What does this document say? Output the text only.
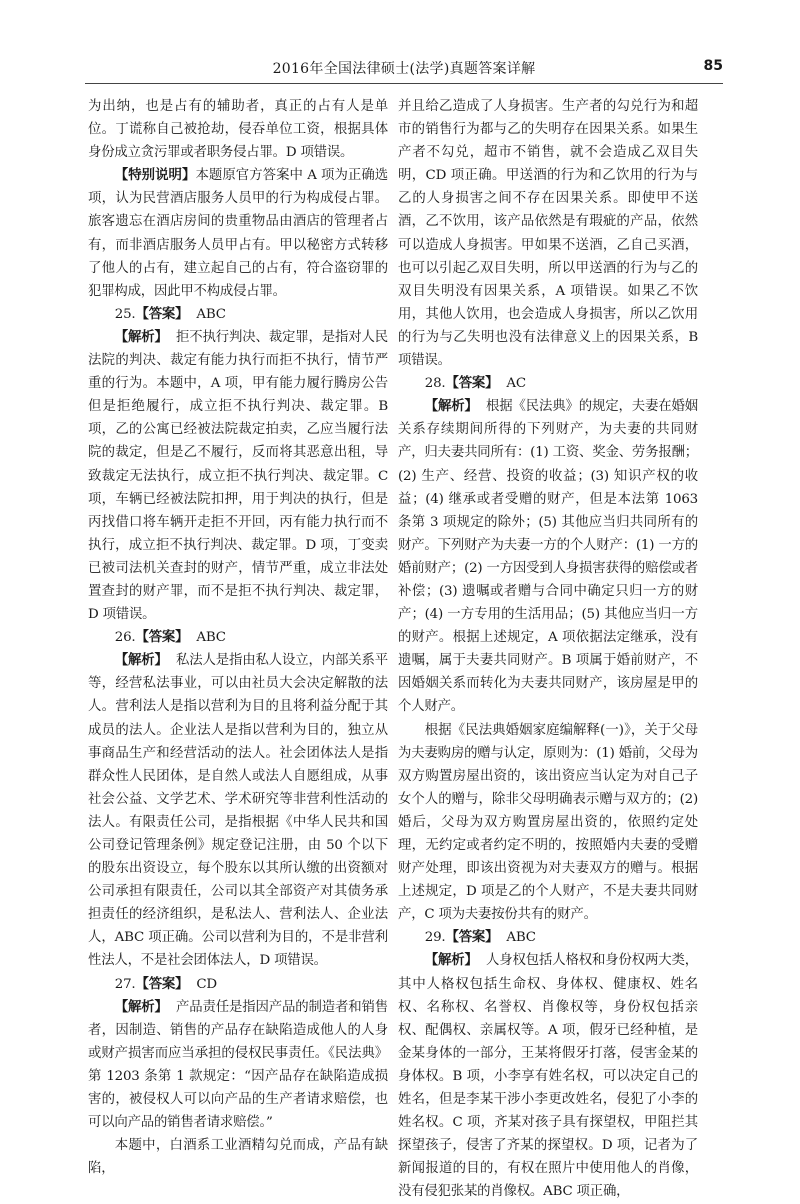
2016年全国法律硕士(法学)真题答案详解	85

为出纳，也是占有的辅助者，真正的占有人是单位。丁谎称自己被抢劫，侵吞单位工资，根据具体身份成立贪污罪或者职务侵占罪。D 项错误。

【特别说明】本题原官方答案中 A 项为正确选项，认为民营酒店服务人员甲的行为构成侵占罪。旅客遗忘在酒店房间的贵重物品由酒店的管理者占有，而非酒店服务人员甲占有。甲以秘密方式转移了他人的占有，建立起自己的占有，符合盗窃罪的犯罪构成，因此甲不构成侵占罪。

25.【答案】 ABC

【解析】 拒不执行判决、裁定罪，是指对人民法院的判决、裁定有能力执行而拒不执行，情节严重的行为。本题中，A 项，甲有能力履行腾房公告但是拒绝履行，成立拒不执行判决、裁定罪。B 项，乙的公寓已经被法院裁定拍卖，乙应当履行法院的裁定，但是乙不履行，反而将其恶意出租，导致裁定无法执行，成立拒不执行判决、裁定罪。C 项，车辆已经被法院扣押，用于判决的执行，但是丙找借口将车辆开走拒不开回，丙有能力执行而不执行，成立拒不执行判决、裁定罪。D 项，丁变卖已被司法机关查封的财产，情节严重，成立非法处置查封的财产罪，而不是拒不执行判决、裁定罪，D 项错误。

26.【答案】 ABC

【解析】 私法人是指由私人设立，内部关系平等，经营私法事业，可以由社员大会决定解散的法人。营利法人是指以营利为目的且将利益分配于其成员的法人。企业法人是指以营利为目的，独立从事商品生产和经营活动的法人。社会团体法人是指群众性人民团体，是自然人或法人自愿组成，从事社会公益、文学艺术、学术研究等非营利性活动的法人。有限责任公司，是指根据《中华人民共和国公司登记管理条例》规定登记注册，由 50 个以下的股东出资设立，每个股东以其所认缴的出资额对公司承担有限责任，公司以其全部资产对其债务承担责任的经济组织，是私法人、营利法人、企业法人，ABC 项正确。公司以营利为目的，不是非营利性法人，不是社会团体法人，D 项错误。

27.【答案】 CD

【解析】 产品责任是指因产品的制造者和销售者，因制造、销售的产品存在缺陷造成他人的人身或财产损害而应当承担的侵权民事责任。《民法典》第 1203 条第 1 款规定：“因产品存在缺陷造成损害的，被侵权人可以向产品的生产者请求赔偿，也可以向产品的销售者请求赔偿。”

本题中，白酒系工业酒精勾兑而成，产品有缺陷，

并且给乙造成了人身损害。生产者的勾兑行为和超市的销售行为都与乙的失明存在因果关系。如果生产者不勾兑，超市不销售，就不会造成乙双目失明，CD 项正确。甲送酒的行为和乙饮用的行为与乙的人身损害之间不存在因果关系。即使甲不送酒，乙不饮用，该产品依然是有瑕疵的产品，依然可以造成人身损害。甲如果不送酒，乙自己买酒，也可以引起乙双目失明，所以甲送酒的行为与乙的双目失明没有因果关系，A 项错误。如果乙不饮用，其他人饮用，也会造成人身损害，所以乙饮用的行为与乙失明也没有法律意义上的因果关系，B 项错误。

28.【答案】 AC

【解析】 根据《民法典》的规定，夫妻在婚姻关系存续期间所得的下列财产，为夫妻的共同财产，归夫妻共同所有：(1) 工资、奖金、劳务报酬；(2) 生产、经营、投资的收益；(3) 知识产权的收益；(4) 继承或者受赠的财产，但是本法第 1063 条第 3 项规定的除外；(5) 其他应当归共同所有的财产。下列财产为夫妻一方的个人财产：(1) 一方的婚前财产；(2) 一方因受到人身损害获得的赔偿或者补偿；(3) 遗嘱或者赠与合同中确定只归一方的财产；(4) 一方专用的生活用品；(5) 其他应当归一方的财产。根据上述规定，A 项依据法定继承，没有遗嘱，属于夫妻共同财产。B 项属于婚前财产，不因婚姻关系而转化为夫妻共同财产，该房屋是甲的个人财产。

根据《民法典婚姻家庭编解释(一)》，关于父母为夫妻购房的赠与认定，原则为：(1) 婚前，父母为双方购置房屋出资的，该出资应当认定为对自己子女个人的赠与，除非父母明确表示赠与双方的；(2) 婚后，父母为双方购置房屋出资的，依照约定处理，无约定或者约定不明的，按照婚内夫妻的受赠财产处理，即该出资视为对夫妻双方的赠与。根据上述规定，D 项是乙的个人财产，不是夫妻共同财产，C 项为夫妻按份共有的财产。

29.【答案】 ABC

【解析】 人身权包括人格权和身份权两大类，其中人格权包括生命权、身体权、健康权、姓名权、名称权、名誉权、肖像权等，身份权包括亲权、配偶权、亲属权等。A 项，假牙已经种植，是金某身体的一部分，王某将假牙打落，侵害金某的身体权。B 项，小李享有姓名权，可以决定自己的姓名，但是李某干涉小李更改姓名，侵犯了小李的姓名权。C 项，齐某对孩子具有探望权，甲阻拦其探望孩子，侵害了齐某的探望权。D 项，记者为了新闻报道的目的，有权在照片中使用他人的肖像，没有侵犯张某的肖像权。ABC 项正确，
